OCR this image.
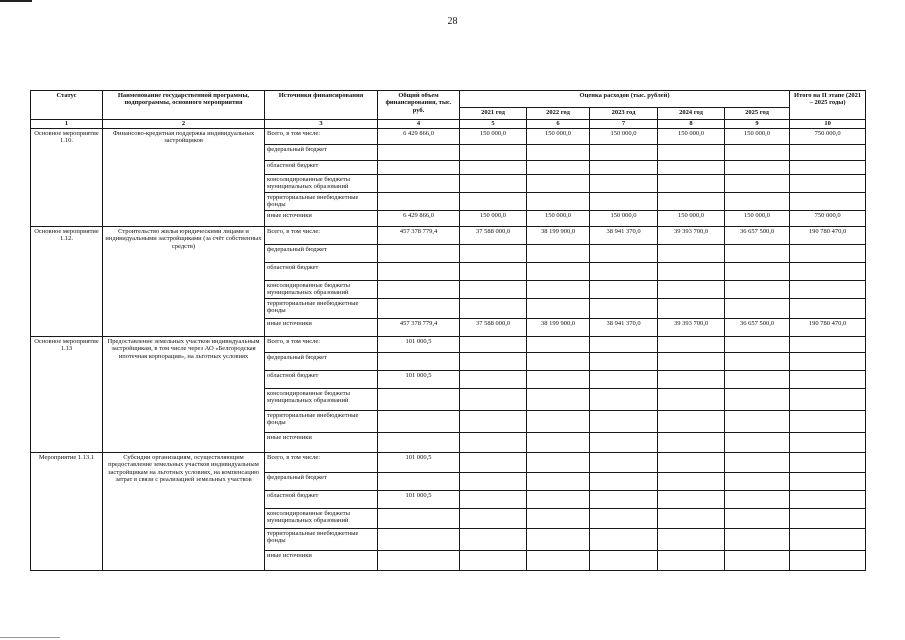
28
Статус	Наименование государственной программы, подпрограммы, основного мероприятия	Источники финансирования	Общий объем финансирования, тыс. руб.	Оценка расходов (тыс. рублей)					Итого на II этапе (2021 – 2025 годы)
				2021 год	2022 год	2023 год	2024 год	2025 год	
1	2	3	4	5	6	7	8	9	10
Основное мероприятие 1.10.	Финансово-кредитная поддержка индивидуальных застройщиков	Всего, в том числе:	6 429 866,0	150 000,0	150 000,0	150 000,0	150 000,0	150 000,0	750 000,0
		федеральный бюджет							
		областной бюджет							
		консолидированные бюджеты муниципальных образований							
		территориальные внебюджетные фонды							
		иные источники	6 429 866,0	150 000,0	150 000,0	150 000,0	150 000,0	150 000,0	750 000,0
Основное мероприятие 1.12.	Строительство жилья юридическими лицами и индивидуальными застройщиками (за счёт собственных средств)	Всего, в том числе:	457 378 779,4	37 588 000,0	38 199 900,0	38 941 370,0	39 393 700,0	36 657 500,0	190 780 470,0
		федеральный бюджет							
		областной бюджет							
		консолидированные бюджеты муниципальных образований							
		территориальные внебюджетные фонды							
		иные источники	457 378 779,4	37 588 000,0	38 199 900,0	38 941 370,0	39 393 700,0	36 657 500,0	190 780 470,0
Основное мероприятие 1.13	Предоставление земельных участков индивидуальным застройщикам, в том числе через АО «Белгородская ипотечная корпорация», на льготных условиях	Всего, в том числе:	101 000,5						
		федеральный бюджет							
		областной бюджет	101 000,5						
		консолидированные бюджеты муниципальных образований							
		территориальные внебюджетные фонды							
		иные источники							
Мероприятие 1.13.1	Субсидии организациям, осуществляющим предоставление земельных участков индивидуальным застройщикам на льготных условиях, на компенсацию затрат в связи с реализацией земельных участков	Всего, в том числе:	101 000,5						
		федеральный бюджет							
		областной бюджет	101 000,5						
		консолидированные бюджеты муниципальных образований							
		территориальные внебюджетные фонды							
		иные источники							
